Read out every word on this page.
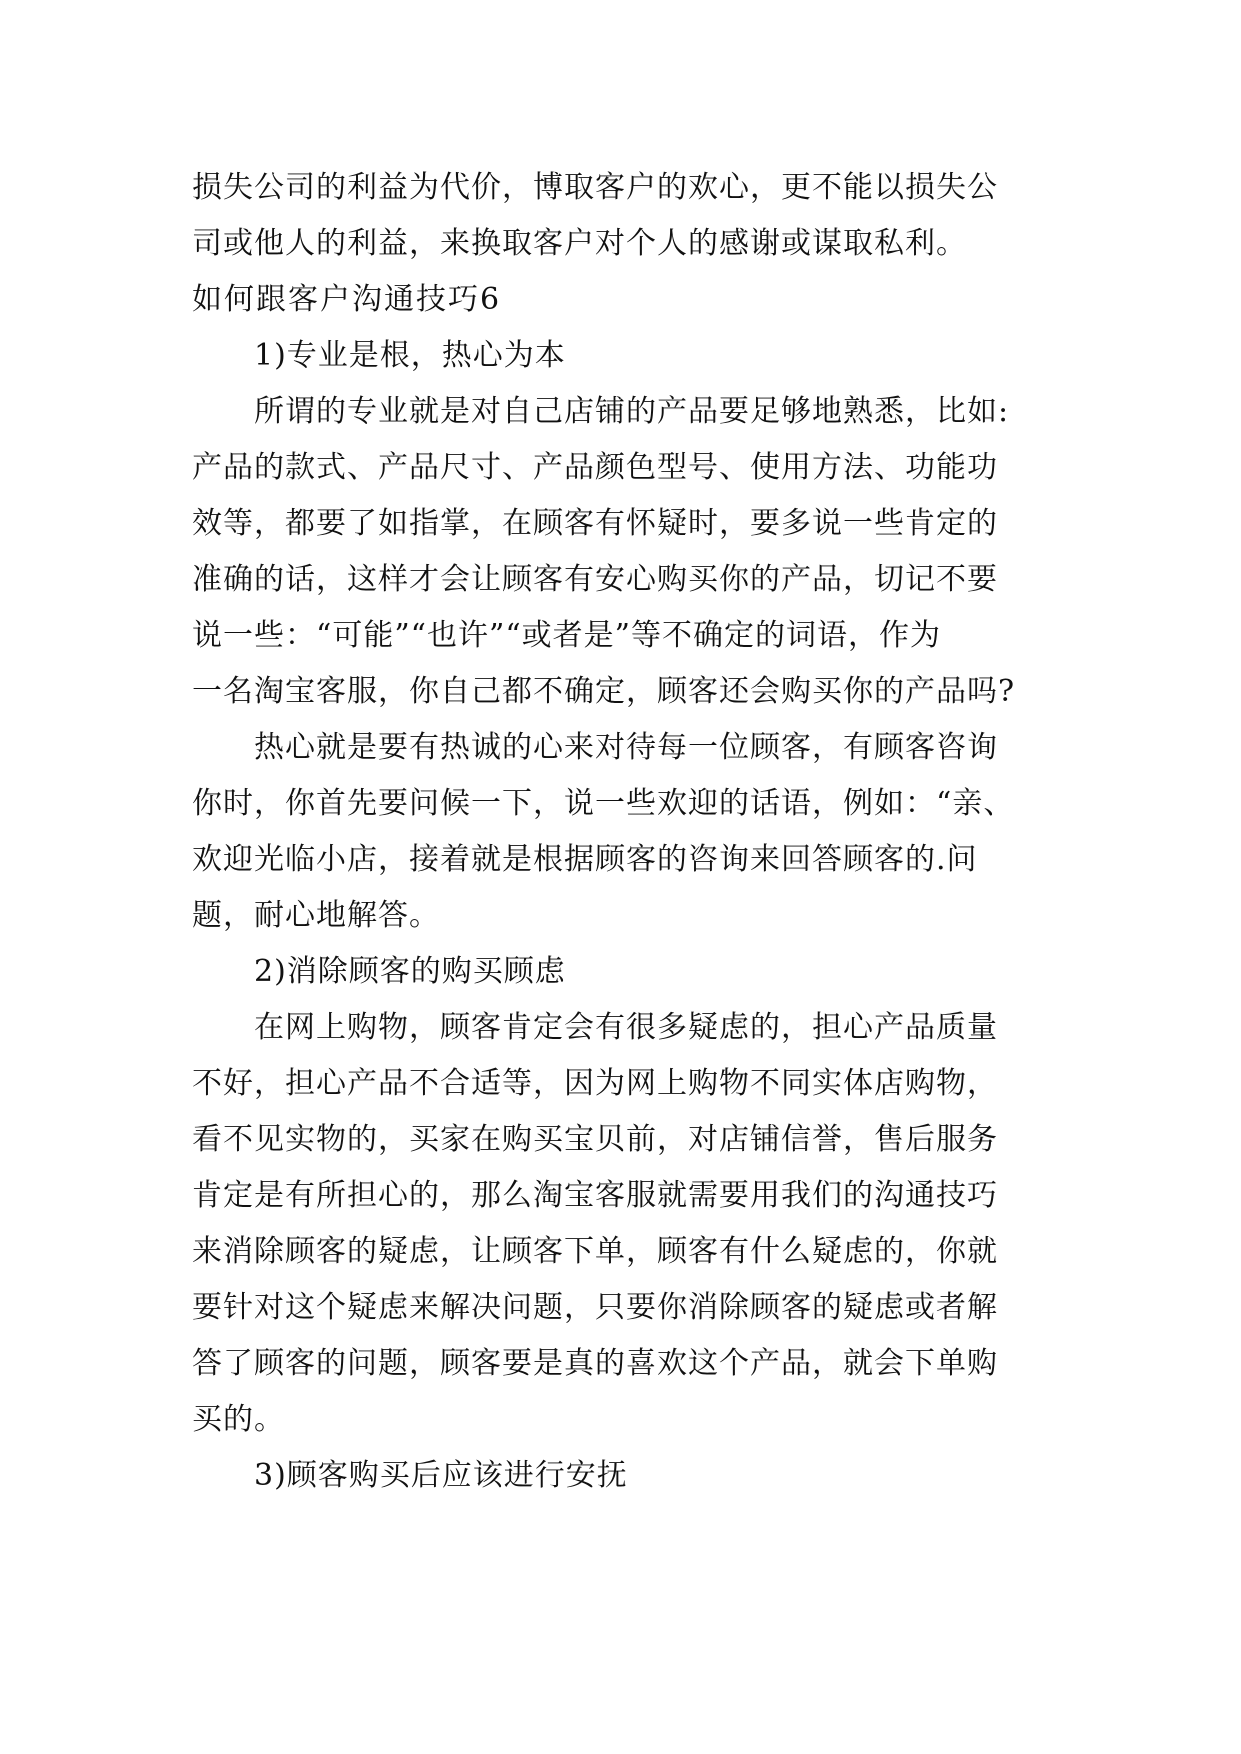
损失公司的利益为代价，博取客户的欢心，更不能以损失公
司或他人的利益，来换取客户对个人的感谢或谋取私利。
如何跟客户沟通技巧6
1)专业是根，热心为本
所谓的专业就是对自己店铺的产品要足够地熟悉，比如:
产品的款式、产品尺寸、产品颜色型号、使用方法、功能功
效等，都要了如指掌，在顾客有怀疑时，要多说一些肯定的
准确的话，这样才会让顾客有安心购买你的产品，切记不要
说一些：“可能”“也许”“或者是”等不确定的词语，作为
一名淘宝客服，你自己都不确定，顾客还会购买你的产品吗?
热心就是要有热诚的心来对待每一位顾客，有顾客咨询
你时，你首先要问候一下，说一些欢迎的话语，例如：“亲、
欢迎光临小店，接着就是根据顾客的咨询来回答顾客的.问
题，耐心地解答。
2)消除顾客的购买顾虑
在网上购物，顾客肯定会有很多疑虑的，担心产品质量
不好，担心产品不合适等，因为网上购物不同实体店购物，
看不见实物的，买家在购买宝贝前，对店铺信誉，售后服务
肯定是有所担心的，那么淘宝客服就需要用我们的沟通技巧
来消除顾客的疑虑，让顾客下单，顾客有什么疑虑的，你就
要针对这个疑虑来解决问题，只要你消除顾客的疑虑或者解
答了顾客的问题，顾客要是真的喜欢这个产品，就会下单购
买的。
3)顾客购买后应该进行安抚
